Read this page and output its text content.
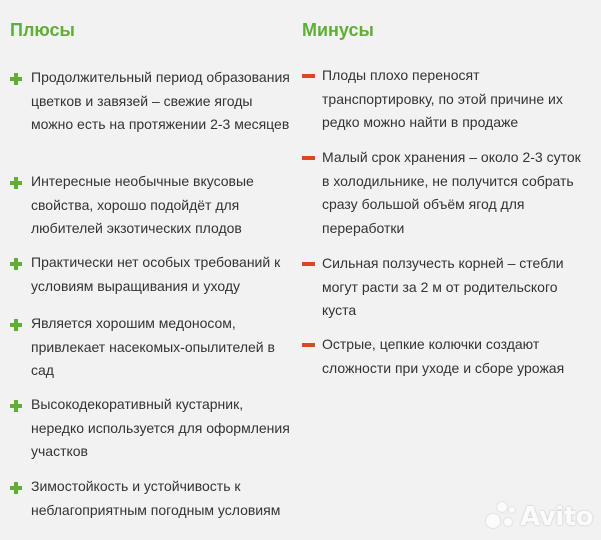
Плюсы
Продолжительный период образования цветков и завязей – свежие ягоды можно есть на протяжении 2-3 месяцев
Интересные необычные вкусовые свойства, хорошо подойдёт для любителей экзотических плодов
Практически нет особых требований к условиям выращивания и уходу
Является хорошим медоносом, привлекает насекомых-опылителей в сад
Высокодекоративный кустарник, нередко используется для оформления участков
Зимостойкость и устойчивость к неблагоприятным погодным условиям
Минусы
Плоды плохо переносят транспортировку, по этой причине их редко можно найти в продаже
Малый срок хранения – около 2-3 суток в холодильнике, не получится собрать сразу большой объём ягод для переработки
Сильная ползучесть корней – стебли могут расти за 2 м от родительского куста
Острые, цепкие колючки создают сложности при уходе и сборе урожая
Avito
